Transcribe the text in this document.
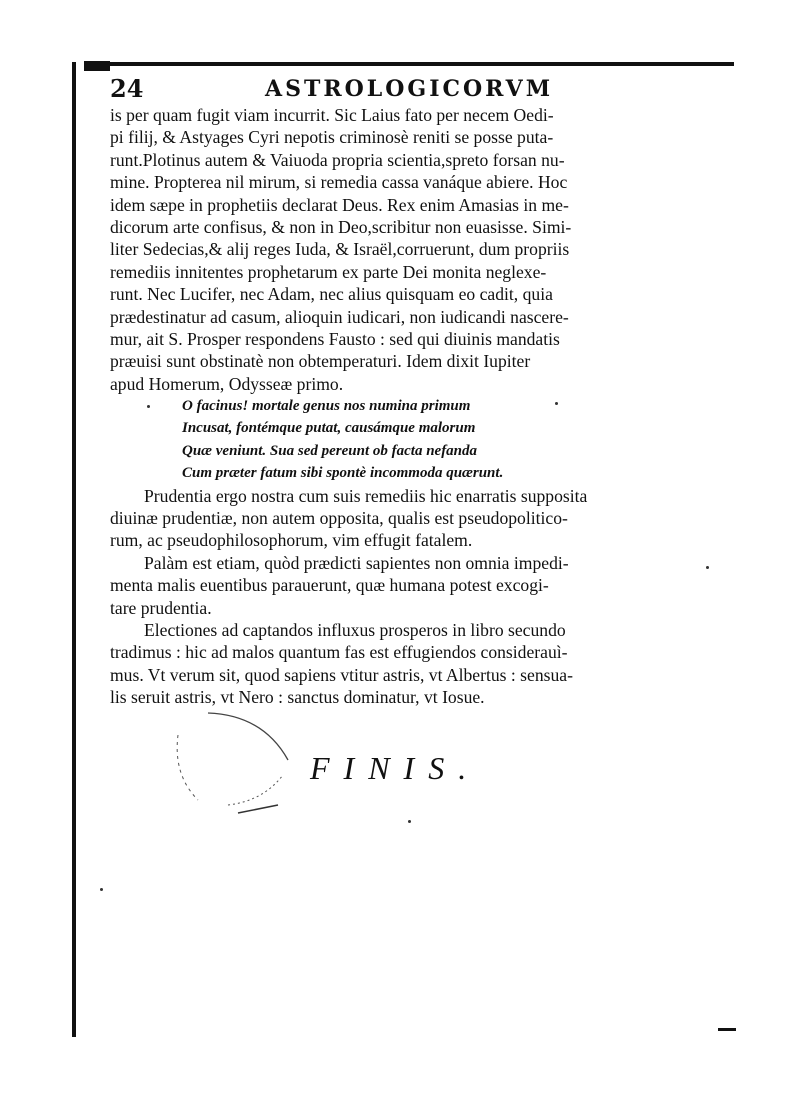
24	ASTROLOGICORVM
is per quam fugit viam incurrit. Sic Laius fato per necem Oedi-
pi filij, & Astyages Cyri nepotis criminosè reniti se posse puta-
runt.Plotinus autem & Vaiuoda propria scientia,spreto forsan nu-
mine. Propterea nil mirum, si remedia cassa vanáque abiere. Hoc
idem sæpe in prophetiis declarat Deus. Rex enim Amasias in me-
dicorum arte confisus, & non in Deo,scribitur non euasisse. Simi-
liter Sedecias,& alij reges Iuda, & Israël,corruerunt, dum propriis
remediis innitentes prophetarum ex parte Dei monita neglexe-
runt. Nec Lucifer, nec Adam, nec alius quisquam eo cadit, quia
prædestinatur ad casum, alioquin iudicari, non iudicandi nascere-
mur, ait S. Prosper respondens Fausto : sed qui diuinis mandatis
præuisi sunt obstinatè non obtemperaturi. Idem dixit Iupiter
apud Homerum, Odysseæ primo.
O facinus! mortale genus nos numina primum
Incusat, fontémque putat, causámque malorum
Quæ veniunt. Sua sed pereunt ob facta nefanda
Cum præter fatum sibi spontè incommoda quærunt.
Prudentia ergo nostra cum suis remediis hic enarratis supposita
diuinæ prudentiæ, non autem opposita, qualis est pseudopolitico-
rum, ac pseudophilosophorum, vim effugit fatalem.
Palàm est etiam, quòd prædicti sapientes non omnia impedi-
menta malis euentibus parauerunt, quæ humana potest excogi-
tare prudentia.
Electiones ad captandos influxus prosperos in libro secundo
tradimus : hic ad malos quantum fas est effugiendos considerauì-
mus. Vt verum sit, quod sapiens vtitur astris, vt Albertus : sensua-
lis seruit astris, vt Nero : sanctus dominatur, vt Iosue.
FINIS.
